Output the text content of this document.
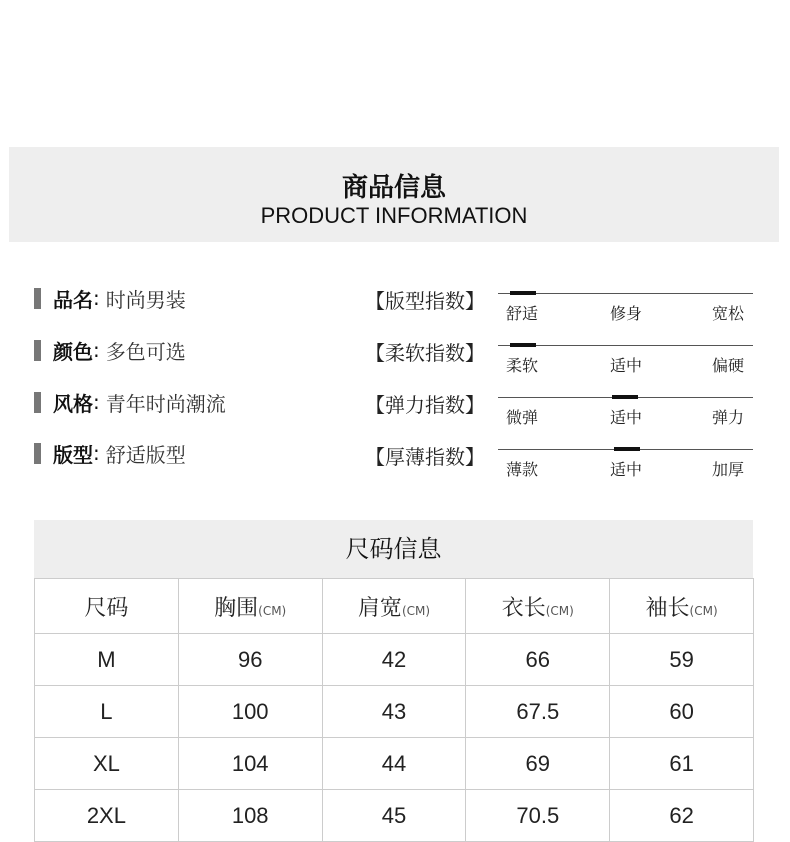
商品信息
PRODUCT INFORMATION
品名 : 时尚男装
颜色 : 多色可选
风格 : 青年时尚潮流
版型 : 舒适版型
【版型指数】
舒适	修身	宽松
【柔软指数】
柔软	适中	偏硬
【弹力指数】
微弹	适中	弹力
【厚薄指数】
薄款	适中	加厚
尺码信息
尺码	胸围(CM)	肩宽(CM)	衣长(CM)	袖长(CM)
M	96	42	66	59
L	100	43	67.5	60
XL	104	44	69	61
2XL	108	45	70.5	62
